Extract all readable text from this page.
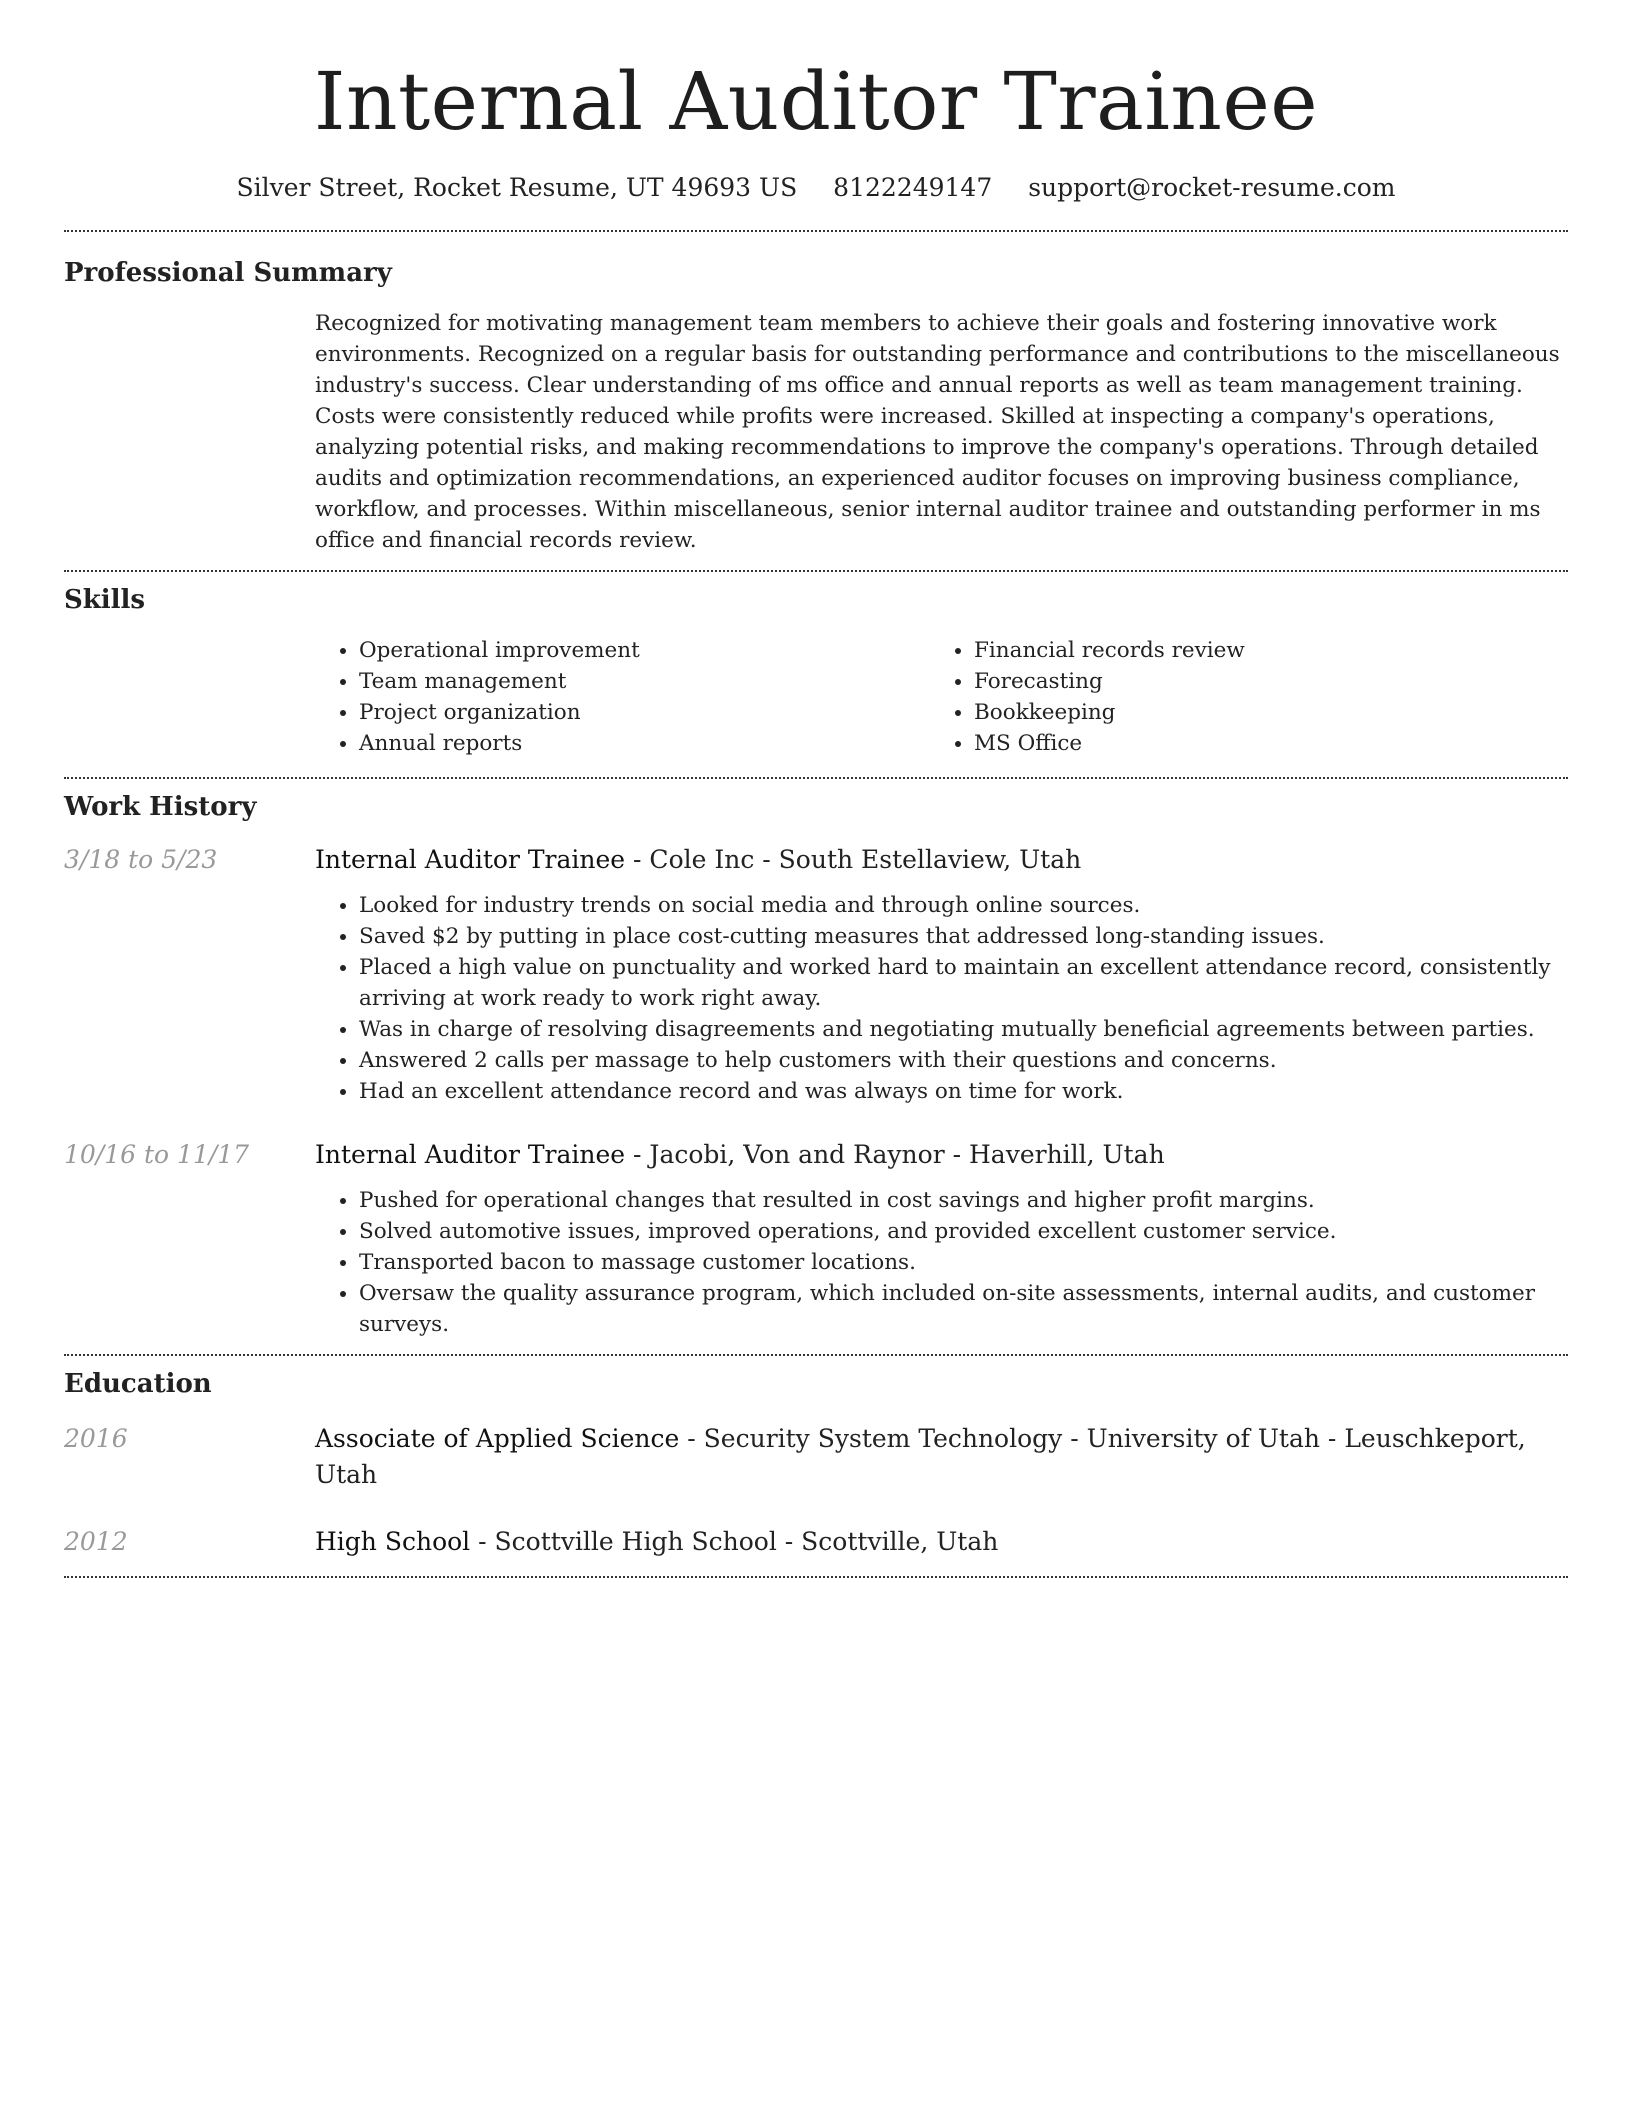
Internal Auditor Trainee
Silver Street, Rocket Resume, UT 49693 US 8122249147 support@rocket-resume.com
Professional Summary

Recognized for motivating management team members to achieve their goals and fostering innovative work environments. Recognized on a regular basis for outstanding performance and contributions to the miscellaneous industry's success. Clear understanding of ms office and annual reports as well as team management training. Costs were consistently reduced while profits were increased. Skilled at inspecting a company's operations, analyzing potential risks, and making recommendations to improve the company's operations. Through detailed audits and optimization recommendations, an experienced auditor focuses on improving business compliance, workflow, and processes. Within miscellaneous, senior internal auditor trainee and outstanding performer in ms office and financial records review.

Skills
• Operational improvement
• Team management
• Project organization
• Annual reports
• Financial records review
• Forecasting
• Bookkeeping
• MS Office
Work History
3/18 to 5/23	Internal Auditor Trainee - Cole Inc - South Estellaview, Utah
• Looked for industry trends on social media and through online sources.
• Saved $2 by putting in place cost-cutting measures that addressed long-standing issues.
• Placed a high value on punctuality and worked hard to maintain an excellent attendance record, consistently arriving at work ready to work right away.
• Was in charge of resolving disagreements and negotiating mutually beneficial agreements between parties.
• Answered 2 calls per massage to help customers with their questions and concerns.
• Had an excellent attendance record and was always on time for work.
10/16 to 11/17	Internal Auditor Trainee - Jacobi, Von and Raynor - Haverhill, Utah
• Pushed for operational changes that resulted in cost savings and higher profit margins.
• Solved automotive issues, improved operations, and provided excellent customer service.
• Transported bacon to massage customer locations.
• Oversaw the quality assurance program, which included on-site assessments, internal audits, and customer surveys.
Education
2016	Associate of Applied Science - Security System Technology - University of Utah - Leuschkeport, Utah
2012	High School - Scottville High School - Scottville, Utah
